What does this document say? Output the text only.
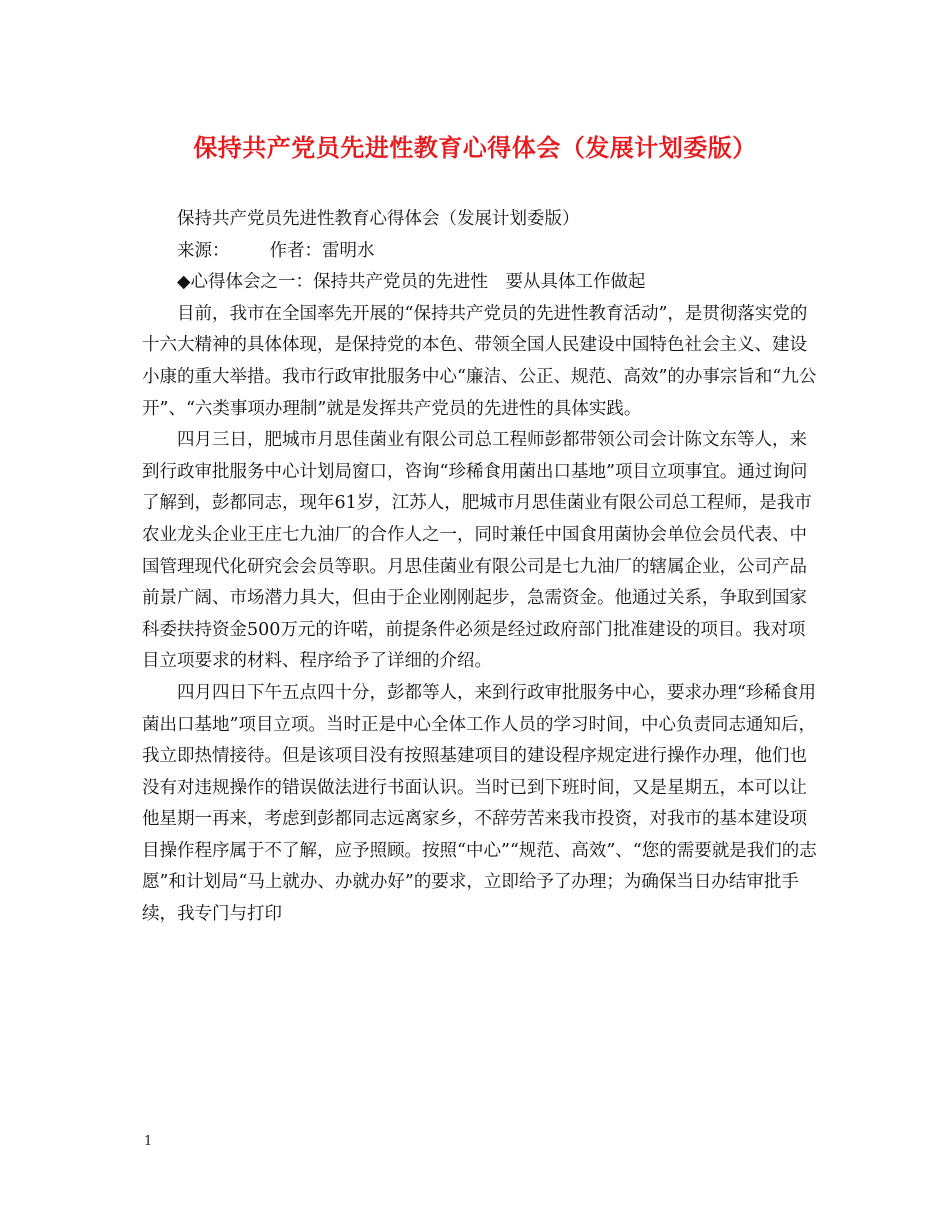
保持共产党员先进性教育心得体会（发展计划委版）

保持共产党员先进性教育心得体会（发展计划委版）

来源： 作者：雷明水

◆心得体会之一：保持共产党员的先进性　要从具体工作做起

目前，我市在全国率先开展的“保持共产党员的先进性教育活动”，是贯彻落实党的十六大精神的具体体现，是保持党的本色、带领全国人民建设中国特色社会主义、建设小康的重大举措。我市行政审批服务中心“廉洁、公正、规范、高效”的办事宗旨和“九公开”、“六类事项办理制”就是发挥共产党员的先进性的具体实践。

四月三日，肥城市月思佳菌业有限公司总工程师彭都带领公司会计陈文东等人，来到行政审批服务中心计划局窗口，咨询“珍稀食用菌出口基地”项目立项事宜。通过询问了解到，彭都同志，现年61岁，江苏人，肥城市月思佳菌业有限公司总工程师，是我市农业龙头企业王庄七九油厂的合作人之一，同时兼任中国食用菌协会单位会员代表、中国管理现代化研究会会员等职。月思佳菌业有限公司是七九油厂的辖属企业，公司产品前景广阔、市场潜力具大，但由于企业刚刚起步，急需资金。他通过关系，争取到国家科委扶持资金500万元的许喏，前提条件必须是经过政府部门批准建设的项目。我对项目立项要求的材料、程序给予了详细的介绍。

四月四日下午五点四十分，彭都等人，来到行政审批服务中心，要求办理“珍稀食用菌出口基地”项目立项。当时正是中心全体工作人员的学习时间，中心负责同志通知后，我立即热情接待。但是该项目没有按照基建项目的建设程序规定进行操作办理，他们也没有对违规操作的错误做法进行书面认识。当时已到下班时间，又是星期五，本可以让他星期一再来，考虑到彭都同志远离家乡，不辞劳苦来我市投资，对我市的基本建设项目操作程序属于不了解，应予照顾。按照“中心”“规范、高效”、“您的需要就是我们的志愿”和计划局“马上就办、办就办好”的要求，立即给予了办理；为确保当日办结审批手续，我专门与打印

1
